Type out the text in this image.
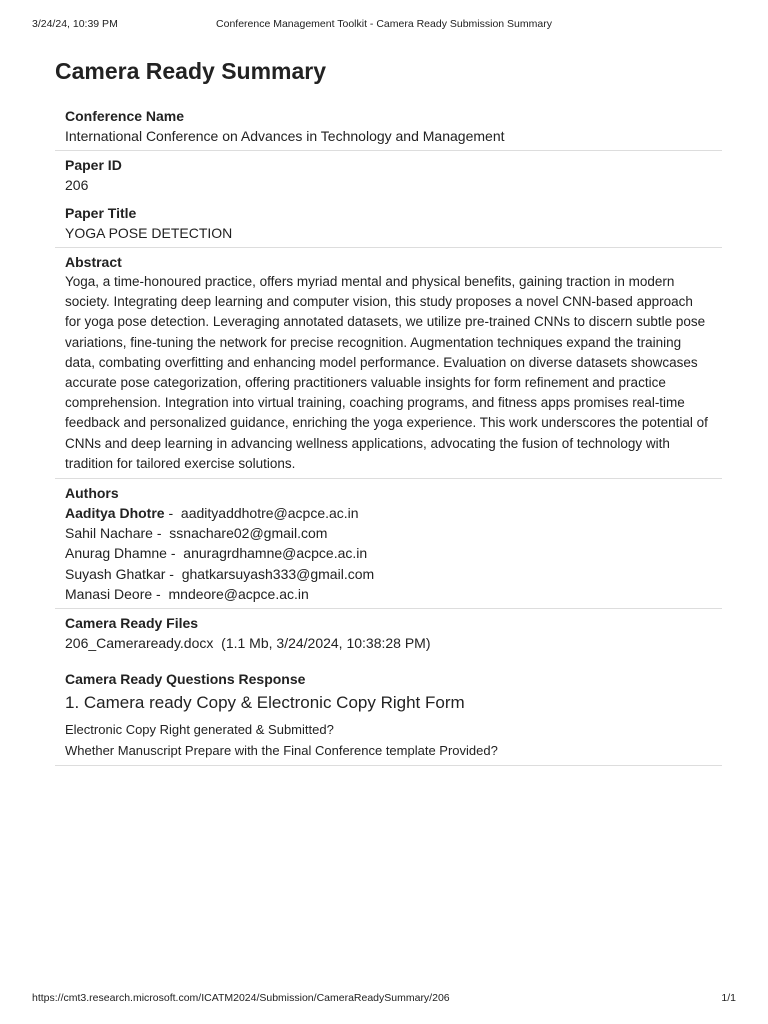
3/24/24, 10:39 PM	Conference Management Toolkit - Camera Ready Submission Summary
Camera Ready Summary
Conference Name
International Conference on Advances in Technology and Management
Paper ID
206
Paper Title
YOGA POSE DETECTION
Abstract
Yoga, a time-honoured practice, offers myriad mental and physical benefits, gaining traction in modern society. Integrating deep learning and computer vision, this study proposes a novel CNN-based approach for yoga pose detection. Leveraging annotated datasets, we utilize pre-trained CNNs to discern subtle pose variations, fine-tuning the network for precise recognition. Augmentation techniques expand the training data, combating overfitting and enhancing model performance. Evaluation on diverse datasets showcases accurate pose categorization, offering practitioners valuable insights for form refinement and practice comprehension. Integration into virtual training, coaching programs, and fitness apps promises real-time feedback and personalized guidance, enriching the yoga experience. This work underscores the potential of CNNs and deep learning in advancing wellness applications, advocating the fusion of technology with tradition for tailored exercise solutions.
Authors
Aaditya Dhotre -  aadityaddhotre@acpce.ac.in
Sahil Nachare -  ssnachare02@gmail.com
Anurag Dhamne -  anuragrdhamne@acpce.ac.in
Suyash Ghatkar -  ghatkarsuyash333@gmail.com
Manasi Deore -  mndeore@acpce.ac.in
Camera Ready Files
206_Cameraready.docx  (1.1 Mb, 3/24/2024, 10:38:28 PM)
Camera Ready Questions Response
1. Camera ready Copy & Electronic Copy Right Form
Electronic Copy Right generated & Submitted?
Whether Manuscript Prepare with the Final Conference template Provided?
https://cmt3.research.microsoft.com/ICATM2024/Submission/CameraReadySummary/206	1/1
